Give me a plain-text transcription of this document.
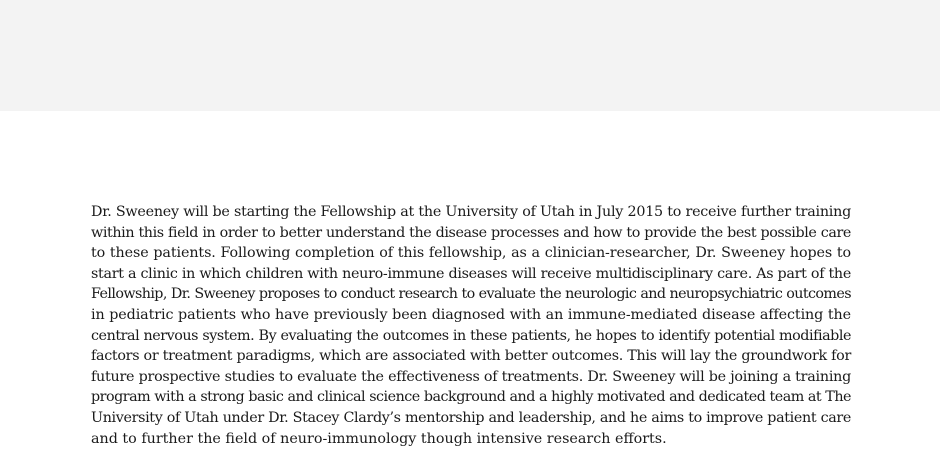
Dr. Sweeney will be starting the Fellowship at the University of Utah in July 2015 to receive further training
within this field in order to better understand the disease processes and how to provide the best possible care
to these patients. Following completion of this fellowship, as a clinician-researcher, Dr. Sweeney hopes to
start a clinic in which children with neuro-immune diseases will receive multidisciplinary care. As part of the
Fellowship, Dr. Sweeney proposes to conduct research to evaluate the neurologic and neuropsychiatric outcomes
in pediatric patients who have previously been diagnosed with an immune-mediated disease affecting the
central nervous system. By evaluating the outcomes in these patients, he hopes to identify potential modifiable
factors or treatment paradigms, which are associated with better outcomes. This will lay the groundwork for
future prospective studies to evaluate the effectiveness of treatments. Dr. Sweeney will be joining a training
program with a strong basic and clinical science background and a highly motivated and dedicated team at The
University of Utah under Dr. Stacey Clardy’s mentorship and leadership, and he aims to improve patient care
and to further the field of neuro-immunology though intensive research efforts.
